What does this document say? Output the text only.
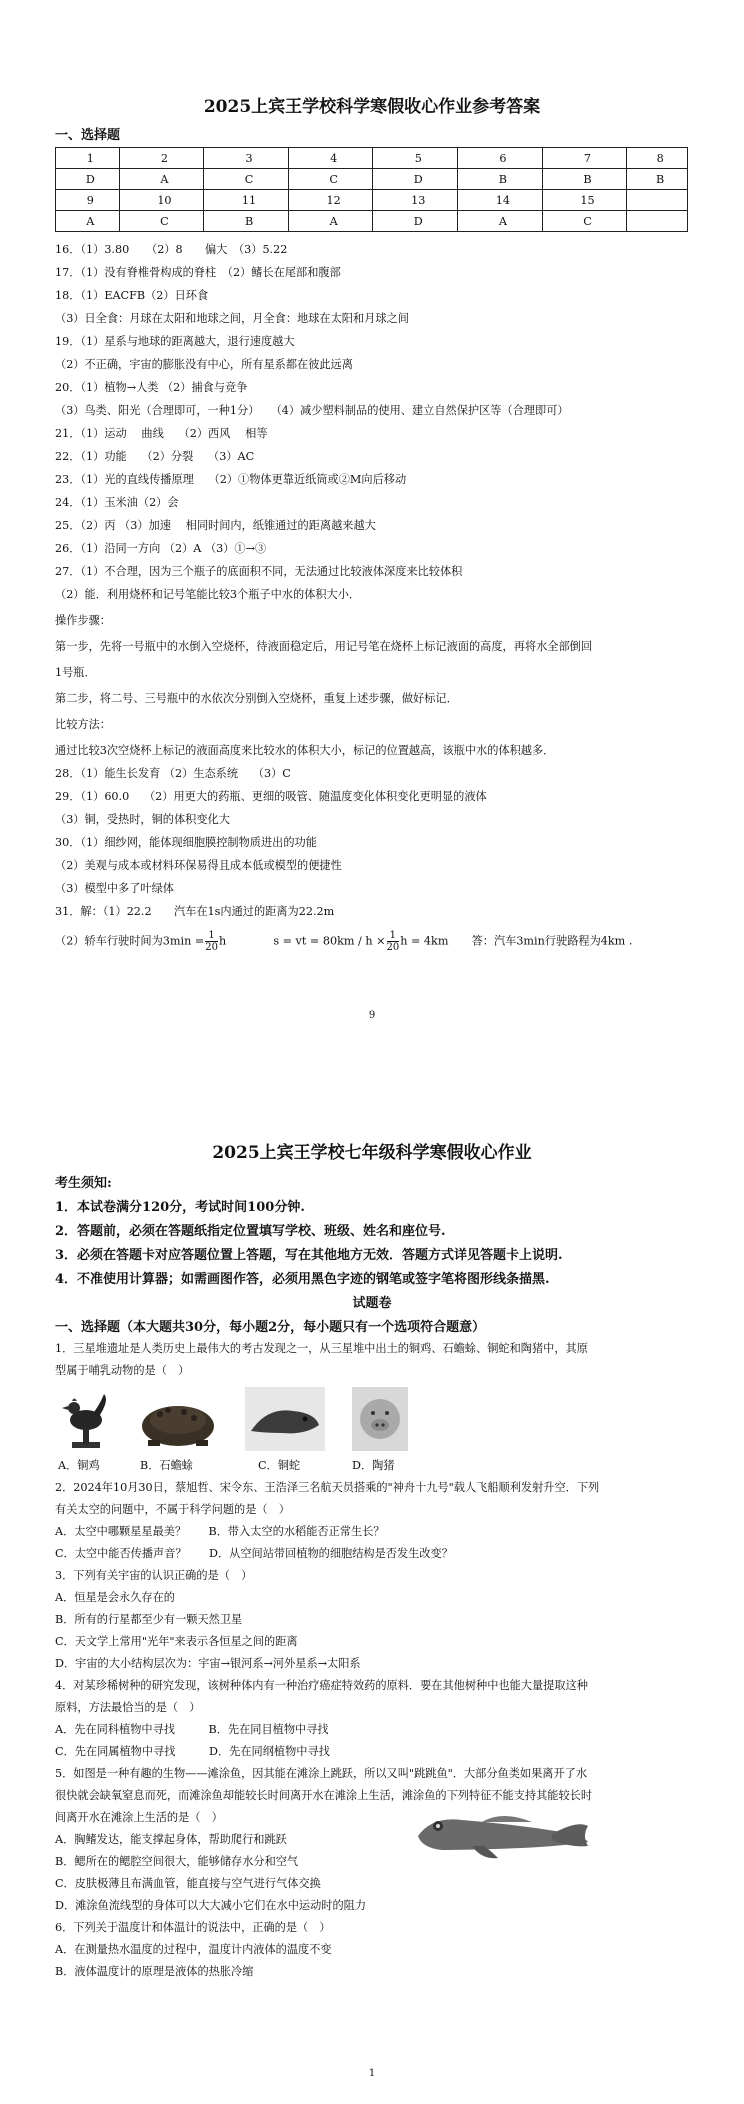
2025上宾王学校科学寒假收心作业参考答案
一、选择题
1	2	3	4	5	6	7	8
D	A	C	C	D	B	B	B
9	10	11	12	13	14	15	
A	C	B	A	D	A	C	
16．（1）3.80　　（2）8　　偏大　（3）5.22
17．（1）没有脊椎骨构成的脊柱　（2）鳍长在尾部和腹部
18．（1）EACFB（2）日环食
（3）日全食：月球在太阳和地球之间，月全食：地球在太阳和月球之间
19．（1）星系与地球的距离越大，退行速度越大
（2）不正确，宇宙的膨胀没有中心，所有星系都在彼此远离
20．（1）植物→人类 （2）捕食与竞争
（3）鸟类、阳光（合理即可，一种1分）　　（4）减少塑料制品的使用、建立自然保护区等（合理即可）
21．（1）运动　 曲线　 （2）西风　 相等
22．（1）功能　 （2）分裂　 （3）AC
23．（1）光的直线传播原理　 （2）①物体更靠近纸筒或②M向后移动
24．（1）玉米油（2）会
25．（2）丙 （3）加速　 相同时间内，纸锥通过的距离越来越大
26．（1）沿同一方向 （2）A （3）①→③
27．（1）不合理，因为三个瓶子的底面积不同，无法通过比较液体深度来比较体积
（2）能．利用烧杯和记号笔能比较3个瓶子中水的体积大小．
操作步骤：
第一步，先将一号瓶中的水倒入空烧杯，待液面稳定后，用记号笔在烧杯上标记液面的高度，再将水全部倒回
1号瓶．
第二步，将二号、三号瓶中的水依次分别倒入空烧杯，重复上述步骤，做好标记．
比较方法：
通过比较3次空烧杯上标记的液面高度来比较水的体积大小，标记的位置越高，该瓶中水的体积越多．
28．（1）能生长发育 （2）生态系统　 （3）C
29．（1）60.0　 （2）用更大的药瓶、更细的吸管、随温度变化体积变化更明显的液体
（3）铜，受热时，铜的体积变化大
30．（1）细纱网，能体现细胞膜控制物质进出的功能
（2）美观与成本或材料环保易得且成本低或模型的便捷性
（3）模型中多了叶绿体
31．解：（1）22.2　　汽车在1s内通过的距离为22.2m
（2）轿车行驶时间为$3\min = \frac{1}{20}$ h	s = vt = $80km / h \times \frac{1}{20}$ h = 4km 答：汽车3min行驶路程为4km .
9
2025上宾王学校七年级科学寒假收心作业
考生须知:
1．本试卷满分120分，考试时间100分钟.
2．答题前，必须在答题纸指定位置填写学校、班级、姓名和座位号.
3．必须在答题卡对应答题位置上答题，写在其他地方无效．答题方式详见答题卡上说明.
4．不准使用计算器；如需画图作答，必须用黑色字迹的钢笔或签字笔将图形线条描黑.
试题卷
一、选择题（本大题共30分，每小题2分，每小题只有一个选项符合题意）
1．三星堆遗址是人类历史上最伟大的考古发现之一，从三星堆中出土的铜鸡、石蟾蜍、铜蛇和陶猪中，其原
型属于哺乳动物的是（　）
A．铜鸡	B．石蟾蜍	C．铜蛇	D．陶猪
2．2024年10月30日，蔡旭哲、宋令东、王浩泽三名航天员搭乘的"神舟十九号"载人飞船顺利发射升空．下列
有关太空的问题中，不属于科学问题的是（　）
A．太空中哪颗星星最美？　　B．带入太空的水稻能否正常生长？
C．太空中能否传播声音？　　D．从空间站带回植物的细胞结构是否发生改变？
3．下列有关宇宙的认识正确的是（　）
A．恒星是会永久存在的
B．所有的行星都至少有一颗天然卫星
C．天文学上常用"光年"来表示各恒星之间的距离
D．宇宙的大小结构层次为：宇宙→银河系→河外星系→太阳系
4．对某珍稀树种的研究发现，该树种体内有一种治疗癌症特效药的原料．要在其他树种中也能大量提取这种
原料，方法最恰当的是（　）
A．先在同科植物中寻找　　　B．先在同目植物中寻找
C．先在同属植物中寻找　　　D．先在同纲植物中寻找
5．如图是一种有趣的生物——滩涂鱼，因其能在滩涂上跳跃，所以又叫"跳跳鱼"．大部分鱼类如果离开了水
很快就会缺氧窒息而死，而滩涂鱼却能较长时间离开水在滩涂上生活，滩涂鱼的下列特征不能支持其能较长时
间离开水在滩涂上生活的是（　）
A．胸鳍发达，能支撑起身体，帮助爬行和跳跃
B．鳃所在的鳃腔空间很大，能够储存水分和空气
C．皮肤极薄且布满血管，能直接与空气进行气体交换
D．滩涂鱼流线型的身体可以大大减小它们在水中运动时的阻力
6．下列关于温度计和体温计的说法中，正确的是（　）
A．在测量热水温度的过程中，温度计内液体的温度不变
B．液体温度计的原理是液体的热胀冷缩
1
